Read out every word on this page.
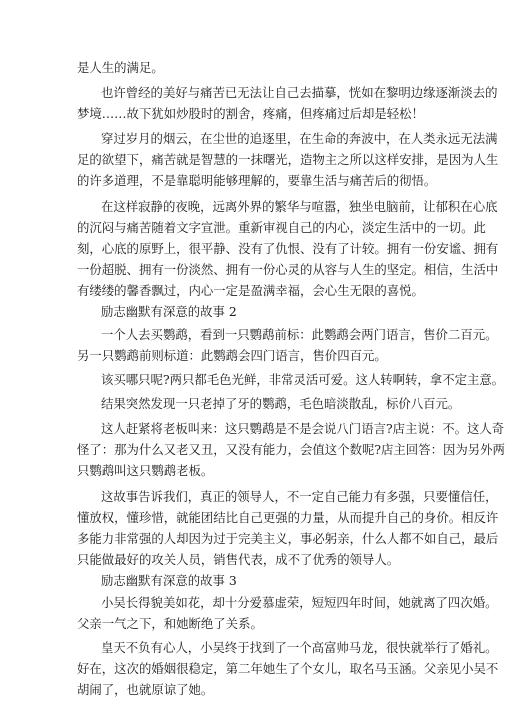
是人生的满足。
也许曾经的美好与痛苦已无法让自己去描摹，恍如在黎明边缘逐渐淡去的
梦境……故下犹如炒股时的割舍，疼痛，但疼痛过后却是轻松！
穿过岁月的烟云，在尘世的追逐里，在生命的奔波中，在人类永远无法满
足的欲望下，痛苦就是智慧的一抹曙光，造物主之所以这样安排，是因为人生
的许多道理，不是靠聪明能够理解的，要靠生活与痛苦后的彻悟。
在这样寂静的夜晚，远离外界的繁华与喧嚣，独坐电脑前，让郁积在心底
的沉闷与痛苦随着文字宣泄。重新审视自己的内心，淡定生活中的一切。此
刻，心底的原野上，很平静、没有了仇恨、没有了计较。拥有一份安谧、拥有
一份超脱、拥有一份淡然、拥有一份心灵的从容与人生的坚定。相信，生活中
有缕缕的馨香飘过，内心一定是盈满幸福，会心生无限的喜悦。
励志幽默有深意的故事 2
一个人去买鹦鹉，看到一只鹦鹉前标：此鹦鹉会两门语言，售价二百元。
另一只鹦鹉前则标道：此鹦鹉会四门语言，售价四百元。
该买哪只呢?两只都毛色光鲜，非常灵活可爱。这人转啊转，拿不定主意。
结果突然发现一只老掉了牙的鹦鹉，毛色暗淡散乱，标价八百元。
这人赶紧将老板叫来：这只鹦鹉是不是会说八门语言?店主说：不。这人奇
怪了：那为什么又老又丑，又没有能力，会值这个数呢?店主回答：因为另外两
只鹦鹉叫这只鹦鹉老板。
这故事告诉我们，真正的领导人，不一定自己能力有多强，只要懂信任，
懂放权，懂珍惜，就能团结比自己更强的力量，从而提升自己的身价。相反许
多能力非常强的人却因为过于完美主义，事必躬亲，什么人都不如自己，最后
只能做最好的攻关人员，销售代表，成不了优秀的领导人。
励志幽默有深意的故事 3
小吴长得貌美如花，却十分爱慕虚荣，短短四年时间，她就离了四次婚。
父亲一气之下，和她断绝了关系。
皇天不负有心人，小吴终于找到了一个高富帅马龙，很快就举行了婚礼。
好在，这次的婚姻很稳定，第二年她生了个女儿，取名马玉涵。父亲见小吴不
胡闹了，也就原谅了她。
